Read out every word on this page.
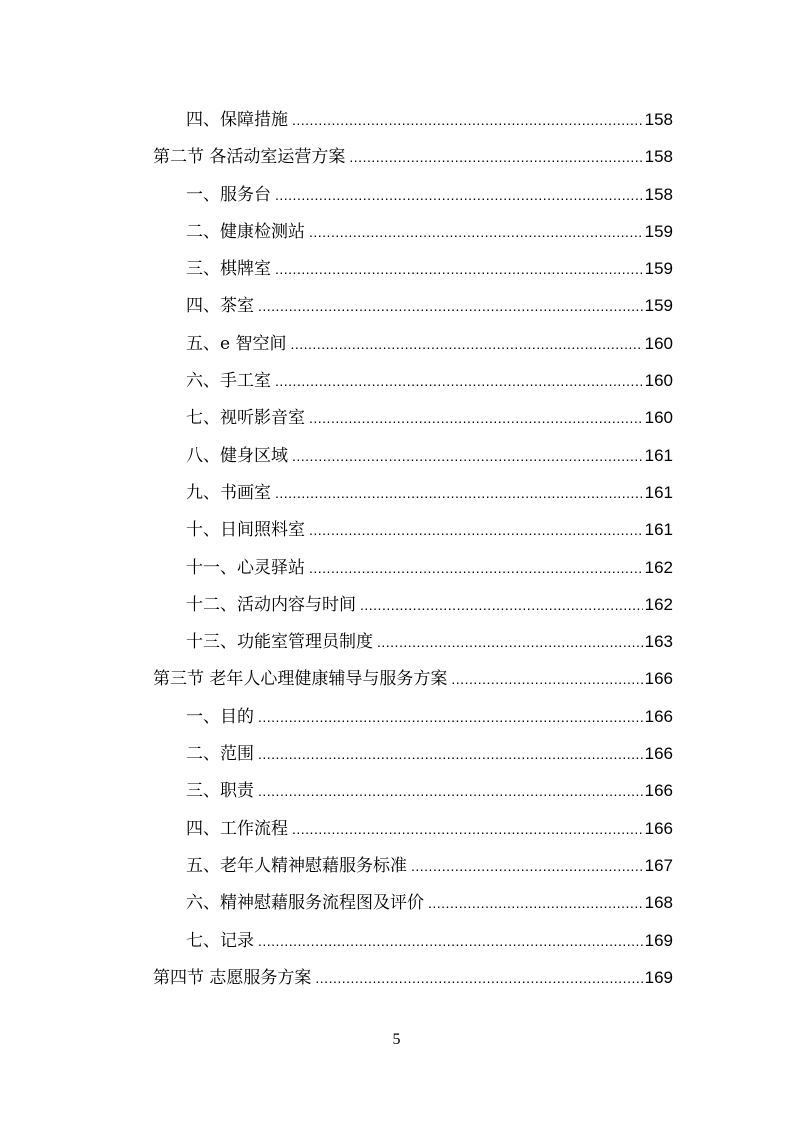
四、保障措施 .....	158
第二节 各活动室运营方案 .....	158
一、服务台 .....	158
二、健康检测站 .....	159
三、棋牌室 .....	159
四、茶室 .....	159
五、e 智空间 .....	160
六、手工室 .....	160
七、视听影音室 .....	160
八、健身区域 .....	161
九、书画室 .....	161
十、日间照料室 .....	161
十一、心灵驿站 .....	162
十二、活动内容与时间 .....	162
十三、功能室管理员制度 .....	163
第三节 老年人心理健康辅导与服务方案 .....	166
一、目的 .....	166
二、范围 .....	166
三、职责 .....	166
四、工作流程 .....	166
五、老年人精神慰藉服务标准 .....	167
六、精神慰藉服务流程图及评价 .....	168
七、记录 .....	169
第四节 志愿服务方案 .....	169
5
